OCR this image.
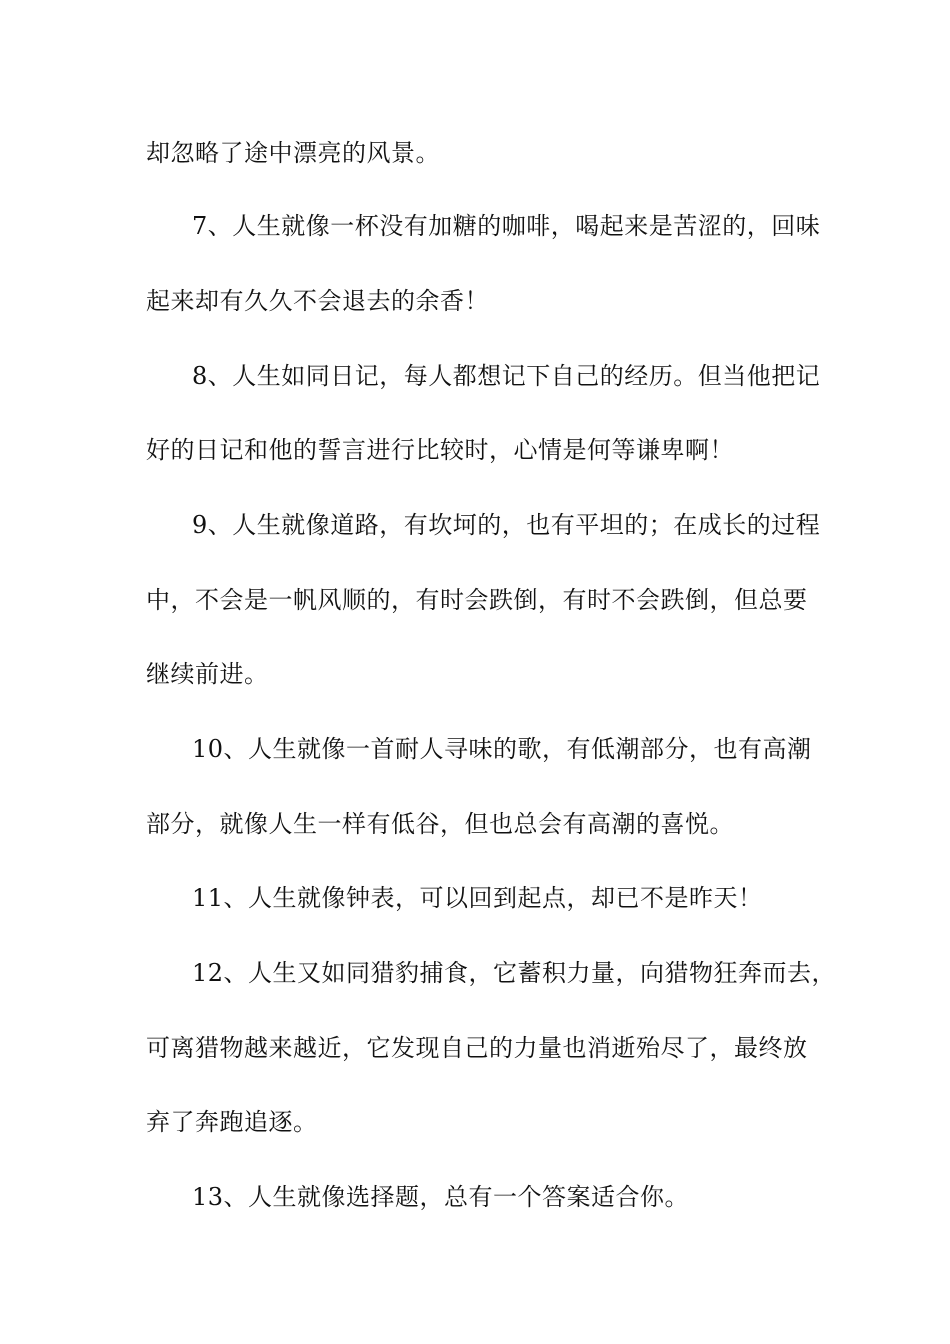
却忽略了途中漂亮的风景。
7、人生就像一杯没有加糖的咖啡，喝起来是苦涩的，回味
起来却有久久不会退去的余香！
8、人生如同日记，每人都想记下自己的经历。但当他把记
好的日记和他的誓言进行比较时，心情是何等谦卑啊！
9、人生就像道路，有坎坷的，也有平坦的；在成长的过程
中，不会是一帆风顺的，有时会跌倒，有时不会跌倒，但总要
继续前进。
10、人生就像一首耐人寻味的歌，有低潮部分，也有高潮
部分，就像人生一样有低谷，但也总会有高潮的喜悦。
11、人生就像钟表，可以回到起点，却已不是昨天！
12、人生又如同猎豹捕食，它蓄积力量，向猎物狂奔而去，
可离猎物越来越近，它发现自己的力量也消逝殆尽了，最终放
弃了奔跑追逐。
13、人生就像选择题，总有一个答案适合你。
